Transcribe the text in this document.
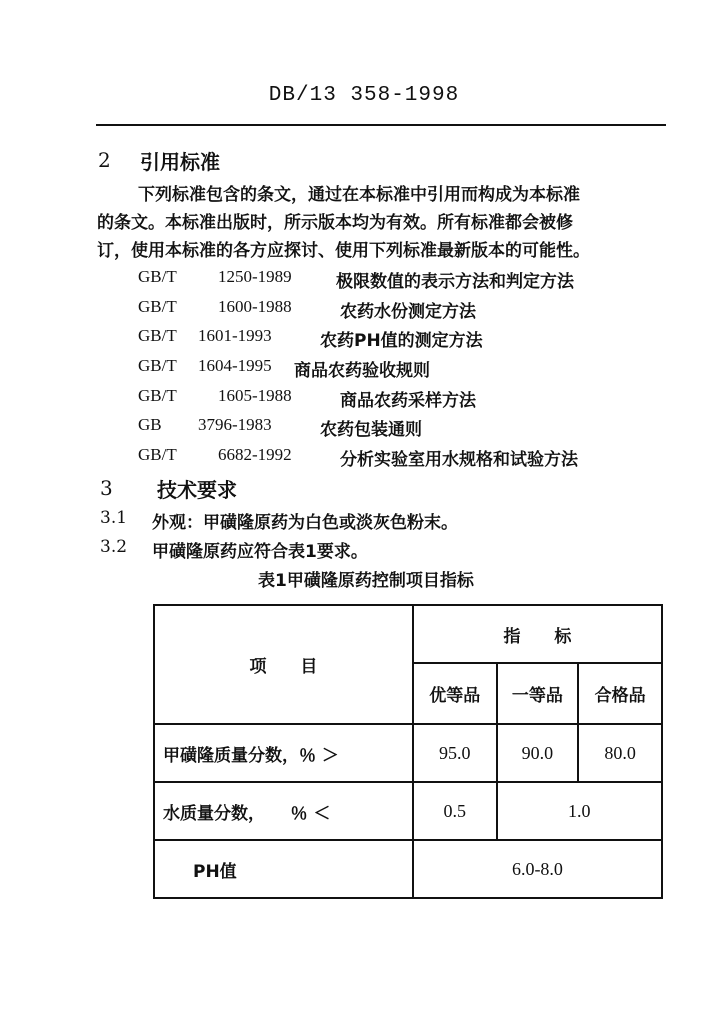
DB/13 358-1998
2 引用标准
下列标准包含的条文，通过在本标准中引用而构成为本标准
的条文。本标准出版时，所示版本均为有效。所有标准都会被修
订，使用本标准的各方应探讨、使用下列标准最新版本的可能性。
GB/T 1250-1989	极限数值的表示方法和判定方法
GB/T 1600-1988	农药水份测定方法
GB/T 1601-1993	农药PH值的测定方法
GB/T 1604-1995 商品农药验收规则
GB/T 1605-1988	商品农药采样方法
GB 3796-1983	农药包装通则
GB/T 6682-1992	分析实验室用水规格和试验方法
3 技术要求
3.1 外观：甲磺隆原药为白色或淡灰色粉末。
3.2 甲磺隆原药应符合表1要求。
表1甲磺隆原药控制项目指标
项　　目	指　　标		
	优等品	一等品	合格品
甲磺隆质量分数，％ ＞	95.0	90.0	80.0
水质量分数，　　％ ＜	0.5	1.0	
PH值	6.0-8.0		
